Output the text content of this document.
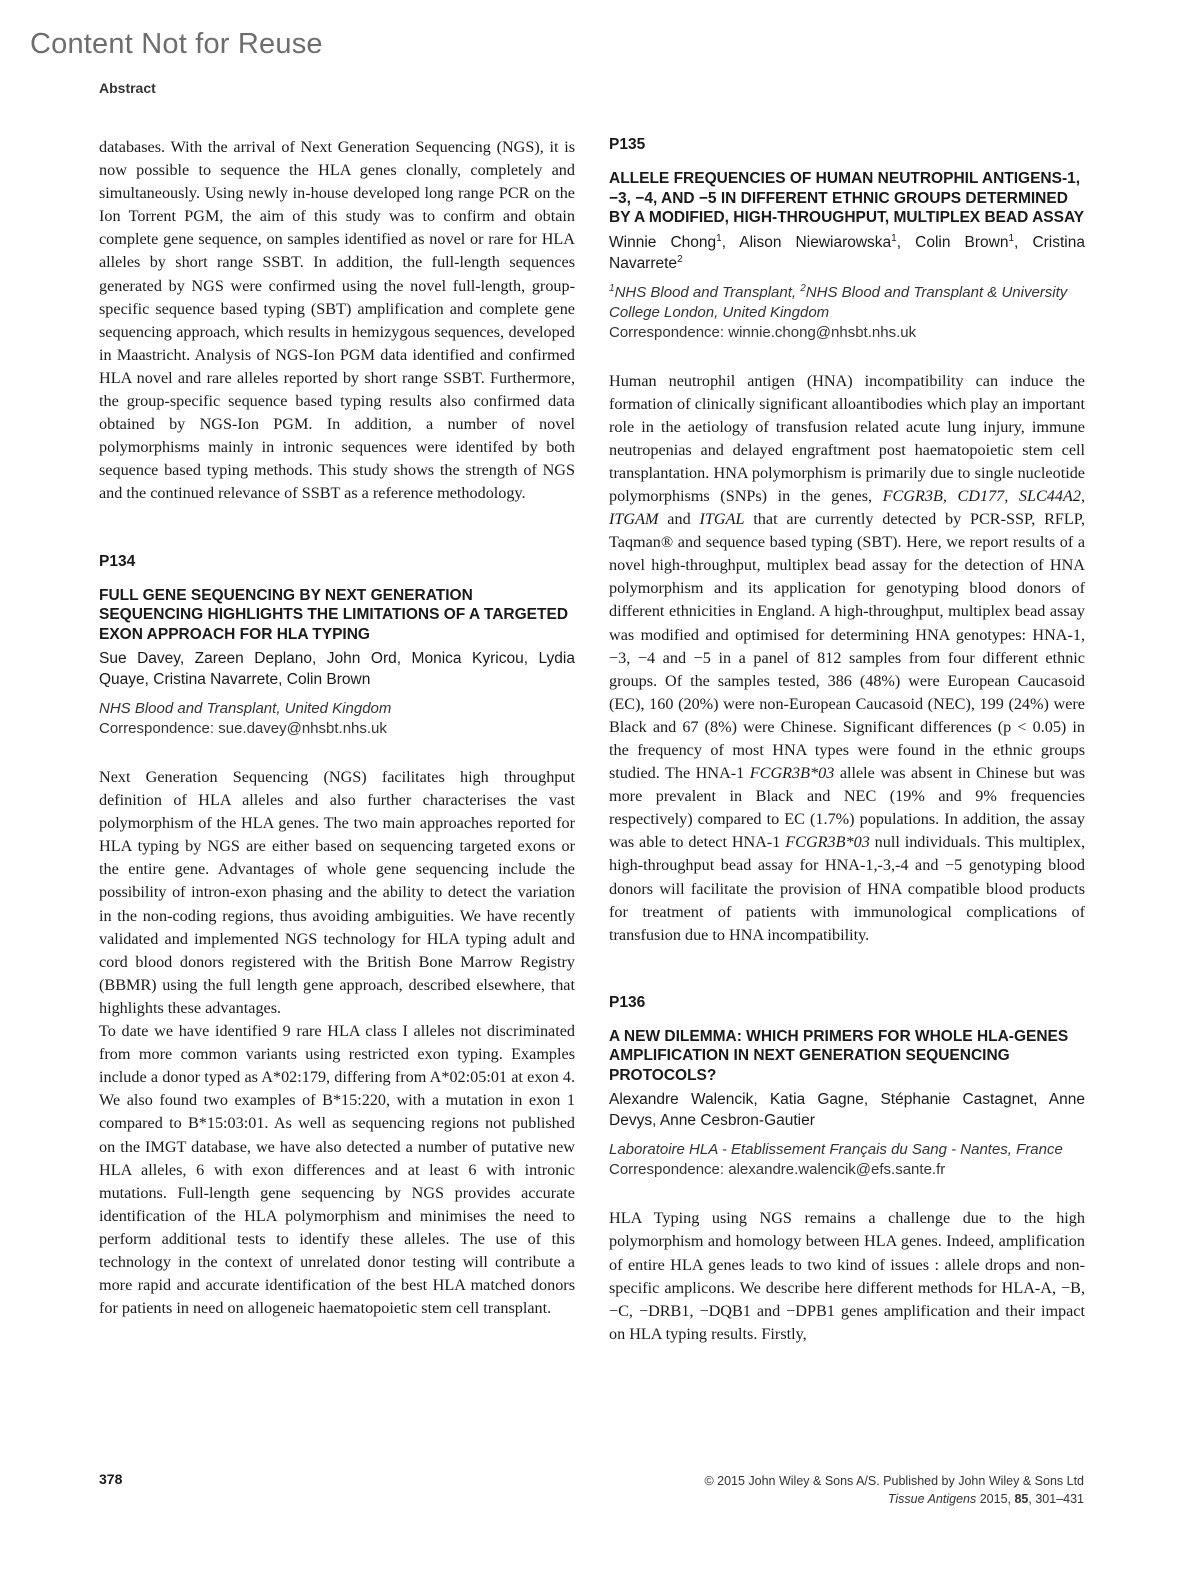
Content Not for Reuse
Abstract

databases. With the arrival of Next Generation Sequencing (NGS), it is now possible to sequence the HLA genes clonally, completely and simultaneously. Using newly in-house developed long range PCR on the Ion Torrent PGM, the aim of this study was to confirm and obtain complete gene sequence, on samples identified as novel or rare for HLA alleles by short range SSBT. In addition, the full-length sequences generated by NGS were confirmed using the novel full-length, group-specific sequence based typing (SBT) amplification and complete gene sequencing approach, which results in hemizygous sequences, developed in Maastricht. Analysis of NGS-Ion PGM data identified and confirmed HLA novel and rare alleles reported by short range SSBT. Furthermore, the group-specific sequence based typing results also confirmed data obtained by NGS-Ion PGM. In addition, a number of novel polymorphisms mainly in intronic sequences were identifed by both sequence based typing methods. This study shows the strength of NGS and the continued relevance of SSBT as a reference methodology.

P134

FULL GENE SEQUENCING BY NEXT GENERATION SEQUENCING HIGHLIGHTS THE LIMITATIONS OF A TARGETED EXON APPROACH FOR HLA TYPING

Sue Davey, Zareen Deplano, John Ord, Monica Kyricou, Lydia Quaye, Cristina Navarrete, Colin Brown

NHS Blood and Transplant, United Kingdom

Correspondence: sue.davey@nhsbt.nhs.uk

Next Generation Sequencing (NGS) facilitates high throughput definition of HLA alleles and also further characterises the vast polymorphism of the HLA genes. The two main approaches reported for HLA typing by NGS are either based on sequencing targeted exons or the entire gene. Advantages of whole gene sequencing include the possibility of intron-exon phasing and the ability to detect the variation in the non-coding regions, thus avoiding ambiguities. We have recently validated and implemented NGS technology for HLA typing adult and cord blood donors registered with the British Bone Marrow Registry (BBMR) using the full length gene approach, described elsewhere, that highlights these advantages.

To date we have identified 9 rare HLA class I alleles not discriminated from more common variants using restricted exon typing. Examples include a donor typed as A*02:179, differing from A*02:05:01 at exon 4. We also found two examples of B*15:220, with a mutation in exon 1 compared to B*15:03:01. As well as sequencing regions not published on the IMGT database, we have also detected a number of putative new HLA alleles, 6 with exon differences and at least 6 with intronic mutations. Full-length gene sequencing by NGS provides accurate identification of the HLA polymorphism and minimises the need to perform additional tests to identify these alleles. The use of this technology in the context of unrelated donor testing will contribute a more rapid and accurate identification of the best HLA matched donors for patients in need on allogeneic haematopoietic stem cell transplant.

P135

ALLELE FREQUENCIES OF HUMAN NEUTROPHIL ANTIGENS-1, −3, −4, AND −5 IN DIFFERENT ETHNIC GROUPS DETERMINED BY A MODIFIED, HIGH-THROUGHPUT, MULTIPLEX BEAD ASSAY

Winnie Chong$^1$, Alison Niewiarowska$^1$, Colin Brown$^1$, Cristina Navarrete$^2$

$^1$NHS Blood and Transplant, $^2$NHS Blood and Transplant & University College London, United Kingdom

Correspondence: winnie.chong@nhsbt.nhs.uk

Human neutrophil antigen (HNA) incompatibility can induce the formation of clinically significant alloantibodies which play an important role in the aetiology of transfusion related acute lung injury, immune neutropenias and delayed engraftment post haematopoietic stem cell transplantation. HNA polymorphism is primarily due to single nucleotide polymorphisms (SNPs) in the genes, FCGR3B, CD177, SLC44A2, ITGAM and ITGAL that are currently detected by PCR-SSP, RFLP, Taqman® and sequence based typing (SBT). Here, we report results of a novel high-throughput, multiplex bead assay for the detection of HNA polymorphism and its application for genotyping blood donors of different ethnicities in England. A high-throughput, multiplex bead assay was modified and optimised for determining HNA genotypes: HNA-1, −3, −4 and −5 in a panel of 812 samples from four different ethnic groups. Of the samples tested, 386 (48%) were European Caucasoid (EC), 160 (20%) were non-European Caucasoid (NEC), 199 (24%) were Black and 67 (8%) were Chinese. Significant differences (p < 0.05) in the frequency of most HNA types were found in the ethnic groups studied. The HNA-1 FCGR3B*03 allele was absent in Chinese but was more prevalent in Black and NEC (19% and 9% frequencies respectively) compared to EC (1.7%) populations. In addition, the assay was able to detect HNA-1 FCGR3B*03 null individuals. This multiplex, high-throughput bead assay for HNA-1,-3,-4 and −5 genotyping blood donors will facilitate the provision of HNA compatible blood products for treatment of patients with immunological complications of transfusion due to HNA incompatibility.

P136

A NEW DILEMMA: WHICH PRIMERS FOR WHOLE HLA-GENES AMPLIFICATION IN NEXT GENERATION SEQUENCING PROTOCOLS?

Alexandre Walencik, Katia Gagne, Stéphanie Castagnet, Anne Devys, Anne Cesbron-Gautier

Laboratoire HLA - Etablissement Français du Sang - Nantes, France

Correspondence: alexandre.walencik@efs.sante.fr

HLA Typing using NGS remains a challenge due to the high polymorphism and homology between HLA genes. Indeed, amplification of entire HLA genes leads to two kind of issues : allele drops and non-specific amplicons. We describe here different methods for HLA-A, −B, −C, −DRB1, −DQB1 and −DPB1 genes amplification and their impact on HLA typing results. Firstly,

378	© 2015 John Wiley & Sons A/S. Published by John Wiley & Sons Ltd
Tissue Antigens 2015, 85, 301–431
